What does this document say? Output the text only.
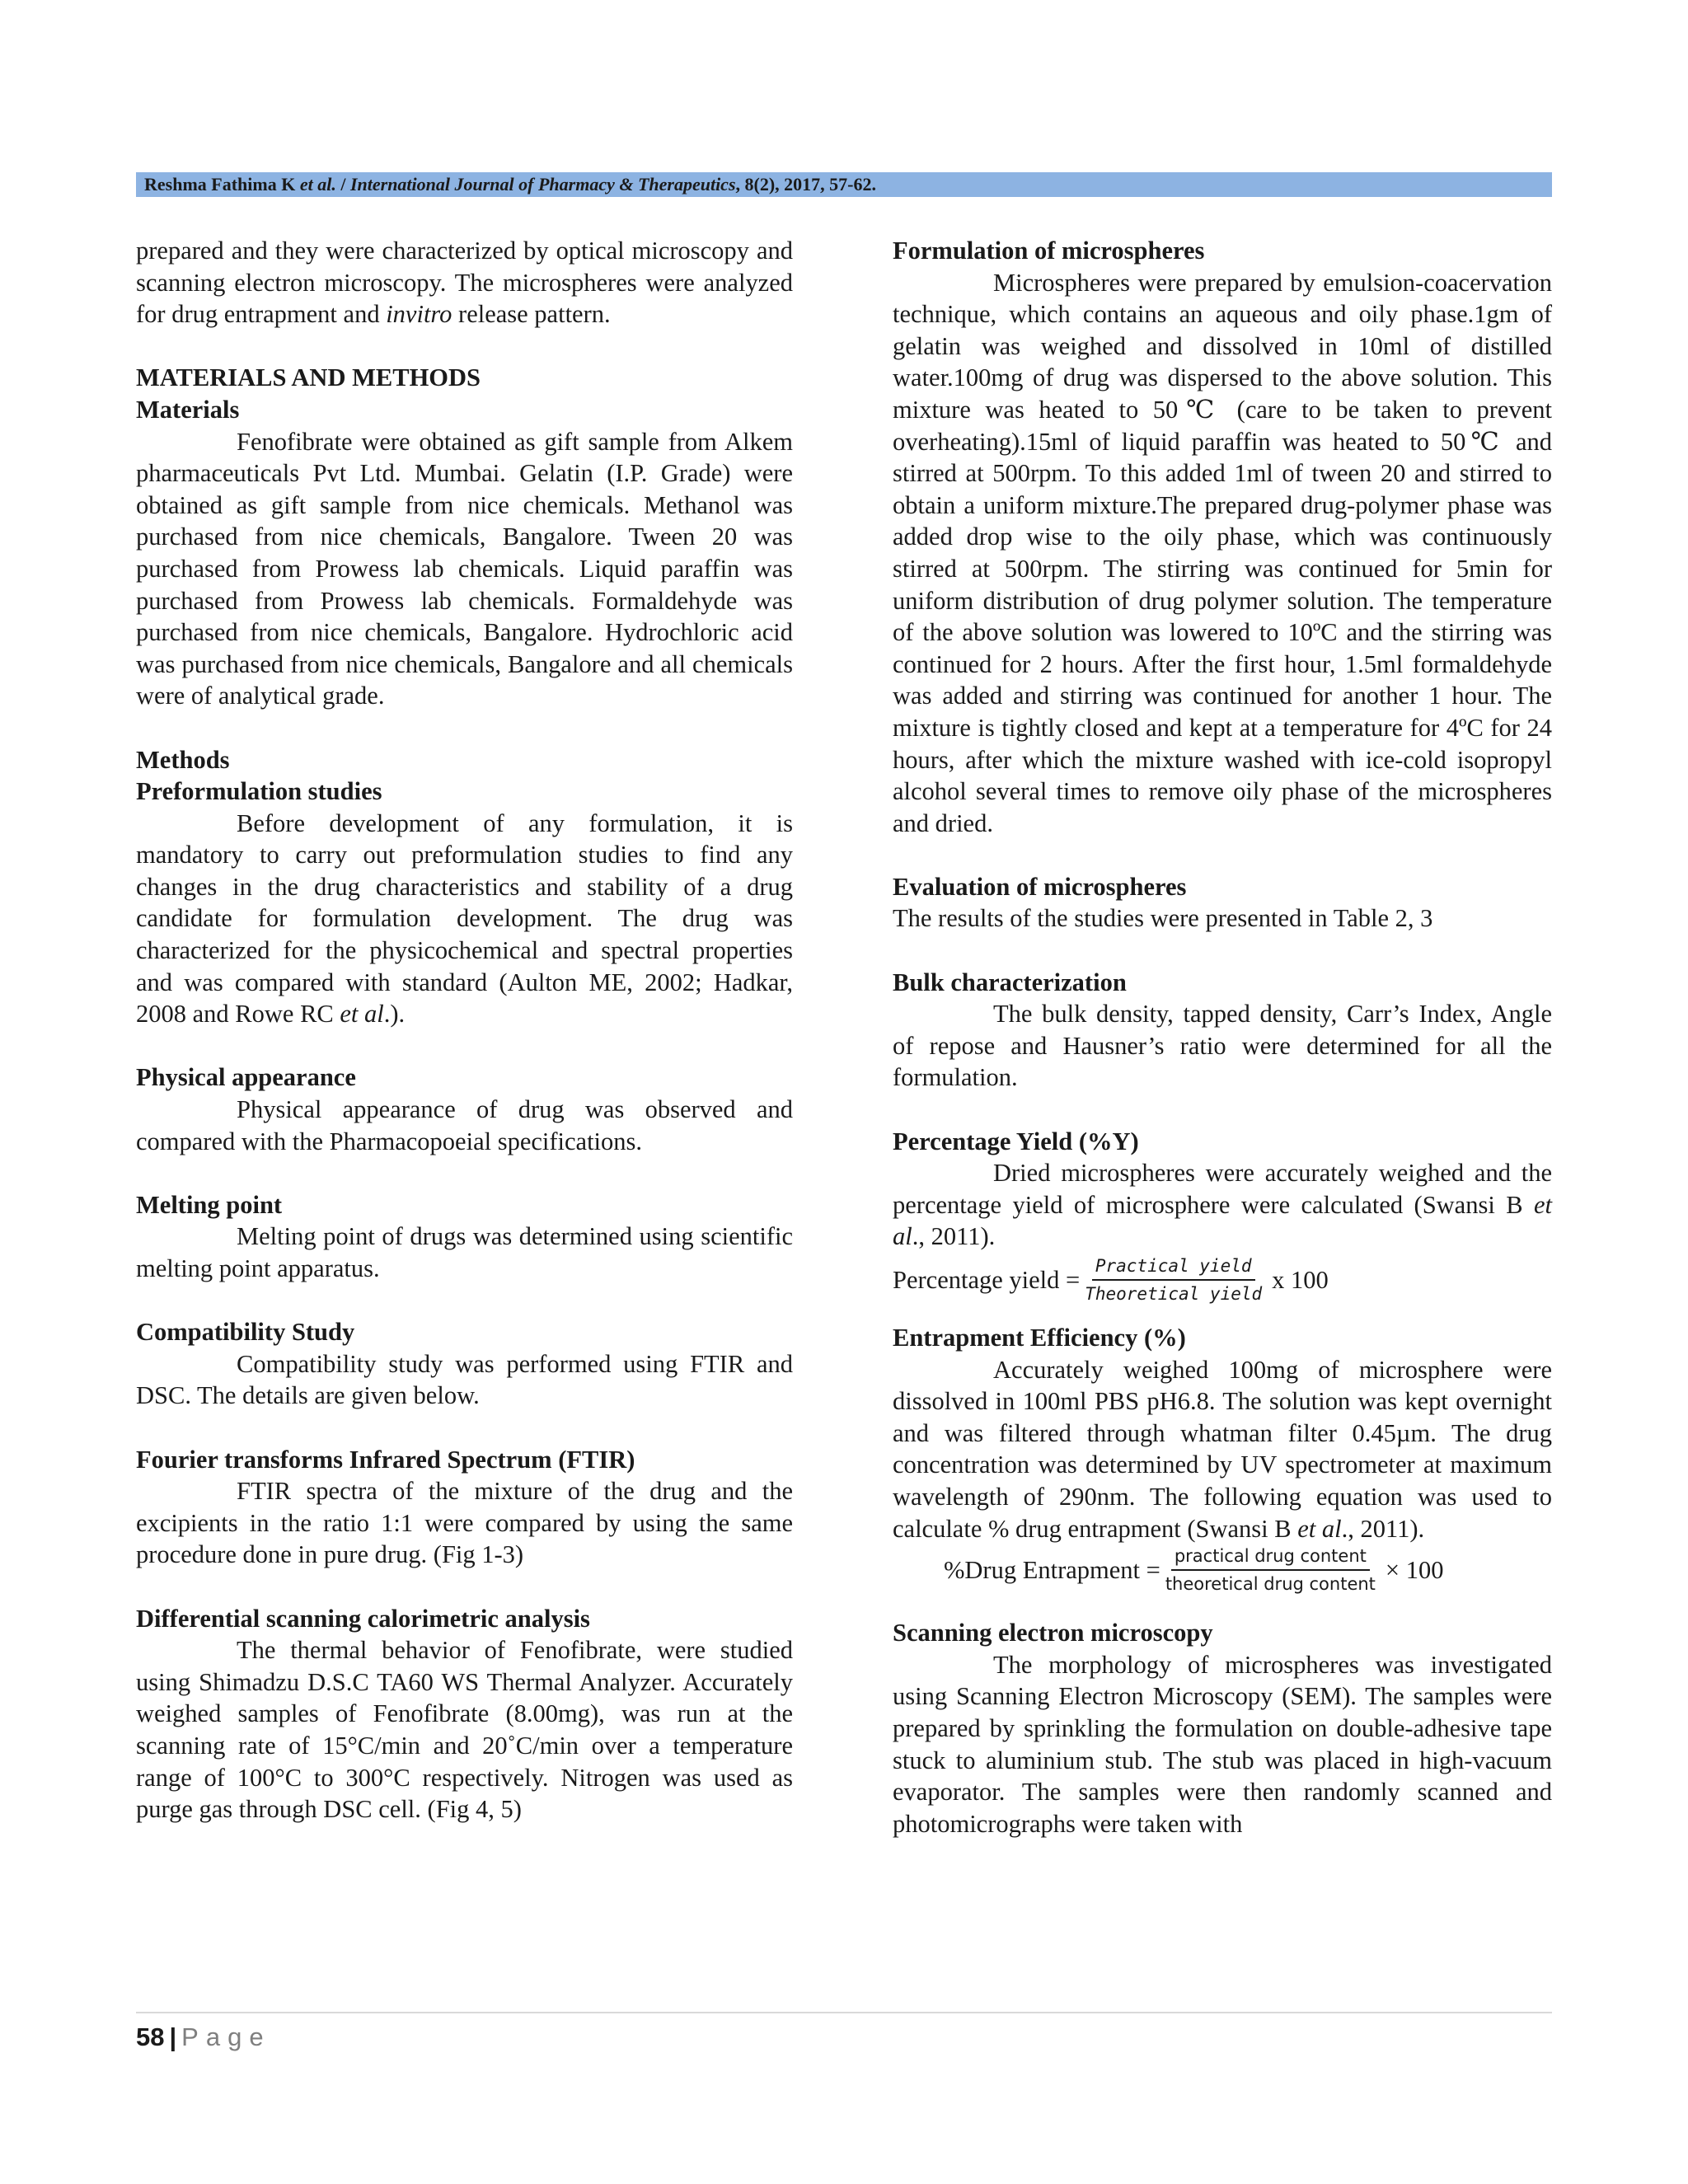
Reshma Fathima K et al. / International Journal of Pharmacy & Therapeutics, 8(2), 2017, 57-62.

prepared and they were characterized by optical microscopy and scanning electron microscopy. The microspheres were analyzed for drug entrapment and invitro release pattern.

MATERIALS AND METHODS
Materials

Fenofibrate were obtained as gift sample from Alkem pharmaceuticals Pvt Ltd. Mumbai. Gelatin (I.P. Grade) were obtained as gift sample from nice chemicals. Methanol was purchased from nice chemicals, Bangalore. Tween 20 was purchased from Prowess lab chemicals. Liquid paraffin was purchased from Prowess lab chemicals. Formaldehyde was purchased from nice chemicals, Bangalore. Hydrochloric acid was purchased from nice chemicals, Bangalore and all chemicals were of analytical grade.

Methods
Preformulation studies

Before development of any formulation, it is mandatory to carry out preformulation studies to find any changes in the drug characteristics and stability of a drug candidate for formulation development. The drug was characterized for the physicochemical and spectral properties and was compared with standard (Aulton ME, 2002; Hadkar, 2008 and Rowe RC et al.).

Physical appearance

Physical appearance of drug was observed and compared with the Pharmacopoeial specifications.

Melting point

Melting point of drugs was determined using scientific melting point apparatus.

Compatibility Study

Compatibility study was performed using FTIR and DSC. The details are given below.

Fourier transforms Infrared Spectrum (FTIR)

FTIR spectra of the mixture of the drug and the excipients in the ratio 1:1 were compared by using the same procedure done in pure drug. (Fig 1-3)

Differential scanning calorimetric analysis

The thermal behavior of Fenofibrate, were studied using Shimadzu D.S.C TA60 WS Thermal Analyzer. Accurately weighed samples of Fenofibrate (8.00mg), was run at the scanning rate of 15°C/min and 20˚C/min over a temperature range of 100°C to 300°C respectively. Nitrogen was used as purge gas through DSC cell. (Fig 4, 5)

Formulation of microspheres

Microspheres were prepared by emulsion-coacervation technique, which contains an aqueous and oily phase.1gm of gelatin was weighed and dissolved in 10ml of distilled water.100mg of drug was dispersed to the above solution. This mixture was heated to 50℃ (care to be taken to prevent overheating).15ml of liquid paraffin was heated to 50℃ and stirred at 500rpm. To this added 1ml of tween 20 and stirred to obtain a uniform mixture.The prepared drug-polymer phase was added drop wise to the oily phase, which was continuously stirred at 500rpm. The stirring was continued for 5min for uniform distribution of drug polymer solution. The temperature of the above solution was lowered to 10ºC and the stirring was continued for 2 hours. After the first hour, 1.5ml formaldehyde was added and stirring was continued for another 1 hour. The mixture is tightly closed and kept at a temperature for 4ºC for 24 hours, after which the mixture washed with ice-cold isopropyl alcohol several times to remove oily phase of the microspheres and dried.

Evaluation of microspheres

The results of the studies were presented in Table 2, 3

Bulk characterization

The bulk density, tapped density, Carr’s Index, Angle of repose and Hausner’s ratio were determined for all the formulation.

Percentage Yield (%Y)

Dried microspheres were accurately weighed and the percentage yield of microsphere were calculated (Swansi B et al., 2011).

Percentage yield = $\frac{\text{Practical yield}}{\text{Theoretical yield}}$ x 100
Entrapment Efficiency (%)

Accurately weighed 100mg of microsphere were dissolved in 100ml PBS pH6.8. The solution was kept overnight and was filtered through whatman filter 0.45µm. The drug concentration was determined by UV spectrometer at maximum wavelength of 290nm. The following equation was used to calculate % drug entrapment (Swansi B et al., 2011).

%Drug Entrapment = $\frac{\text{practical drug content}}{\text{theoretical drug content}} \times 100$
Scanning electron microscopy

The morphology of microspheres was investigated using Scanning Electron Microscopy (SEM). The samples were prepared by sprinkling the formulation on double-adhesive tape stuck to aluminium stub. The stub was placed in high-vacuum evaporator. The samples were then randomly scanned and photomicrographs were taken with

58 | Page
